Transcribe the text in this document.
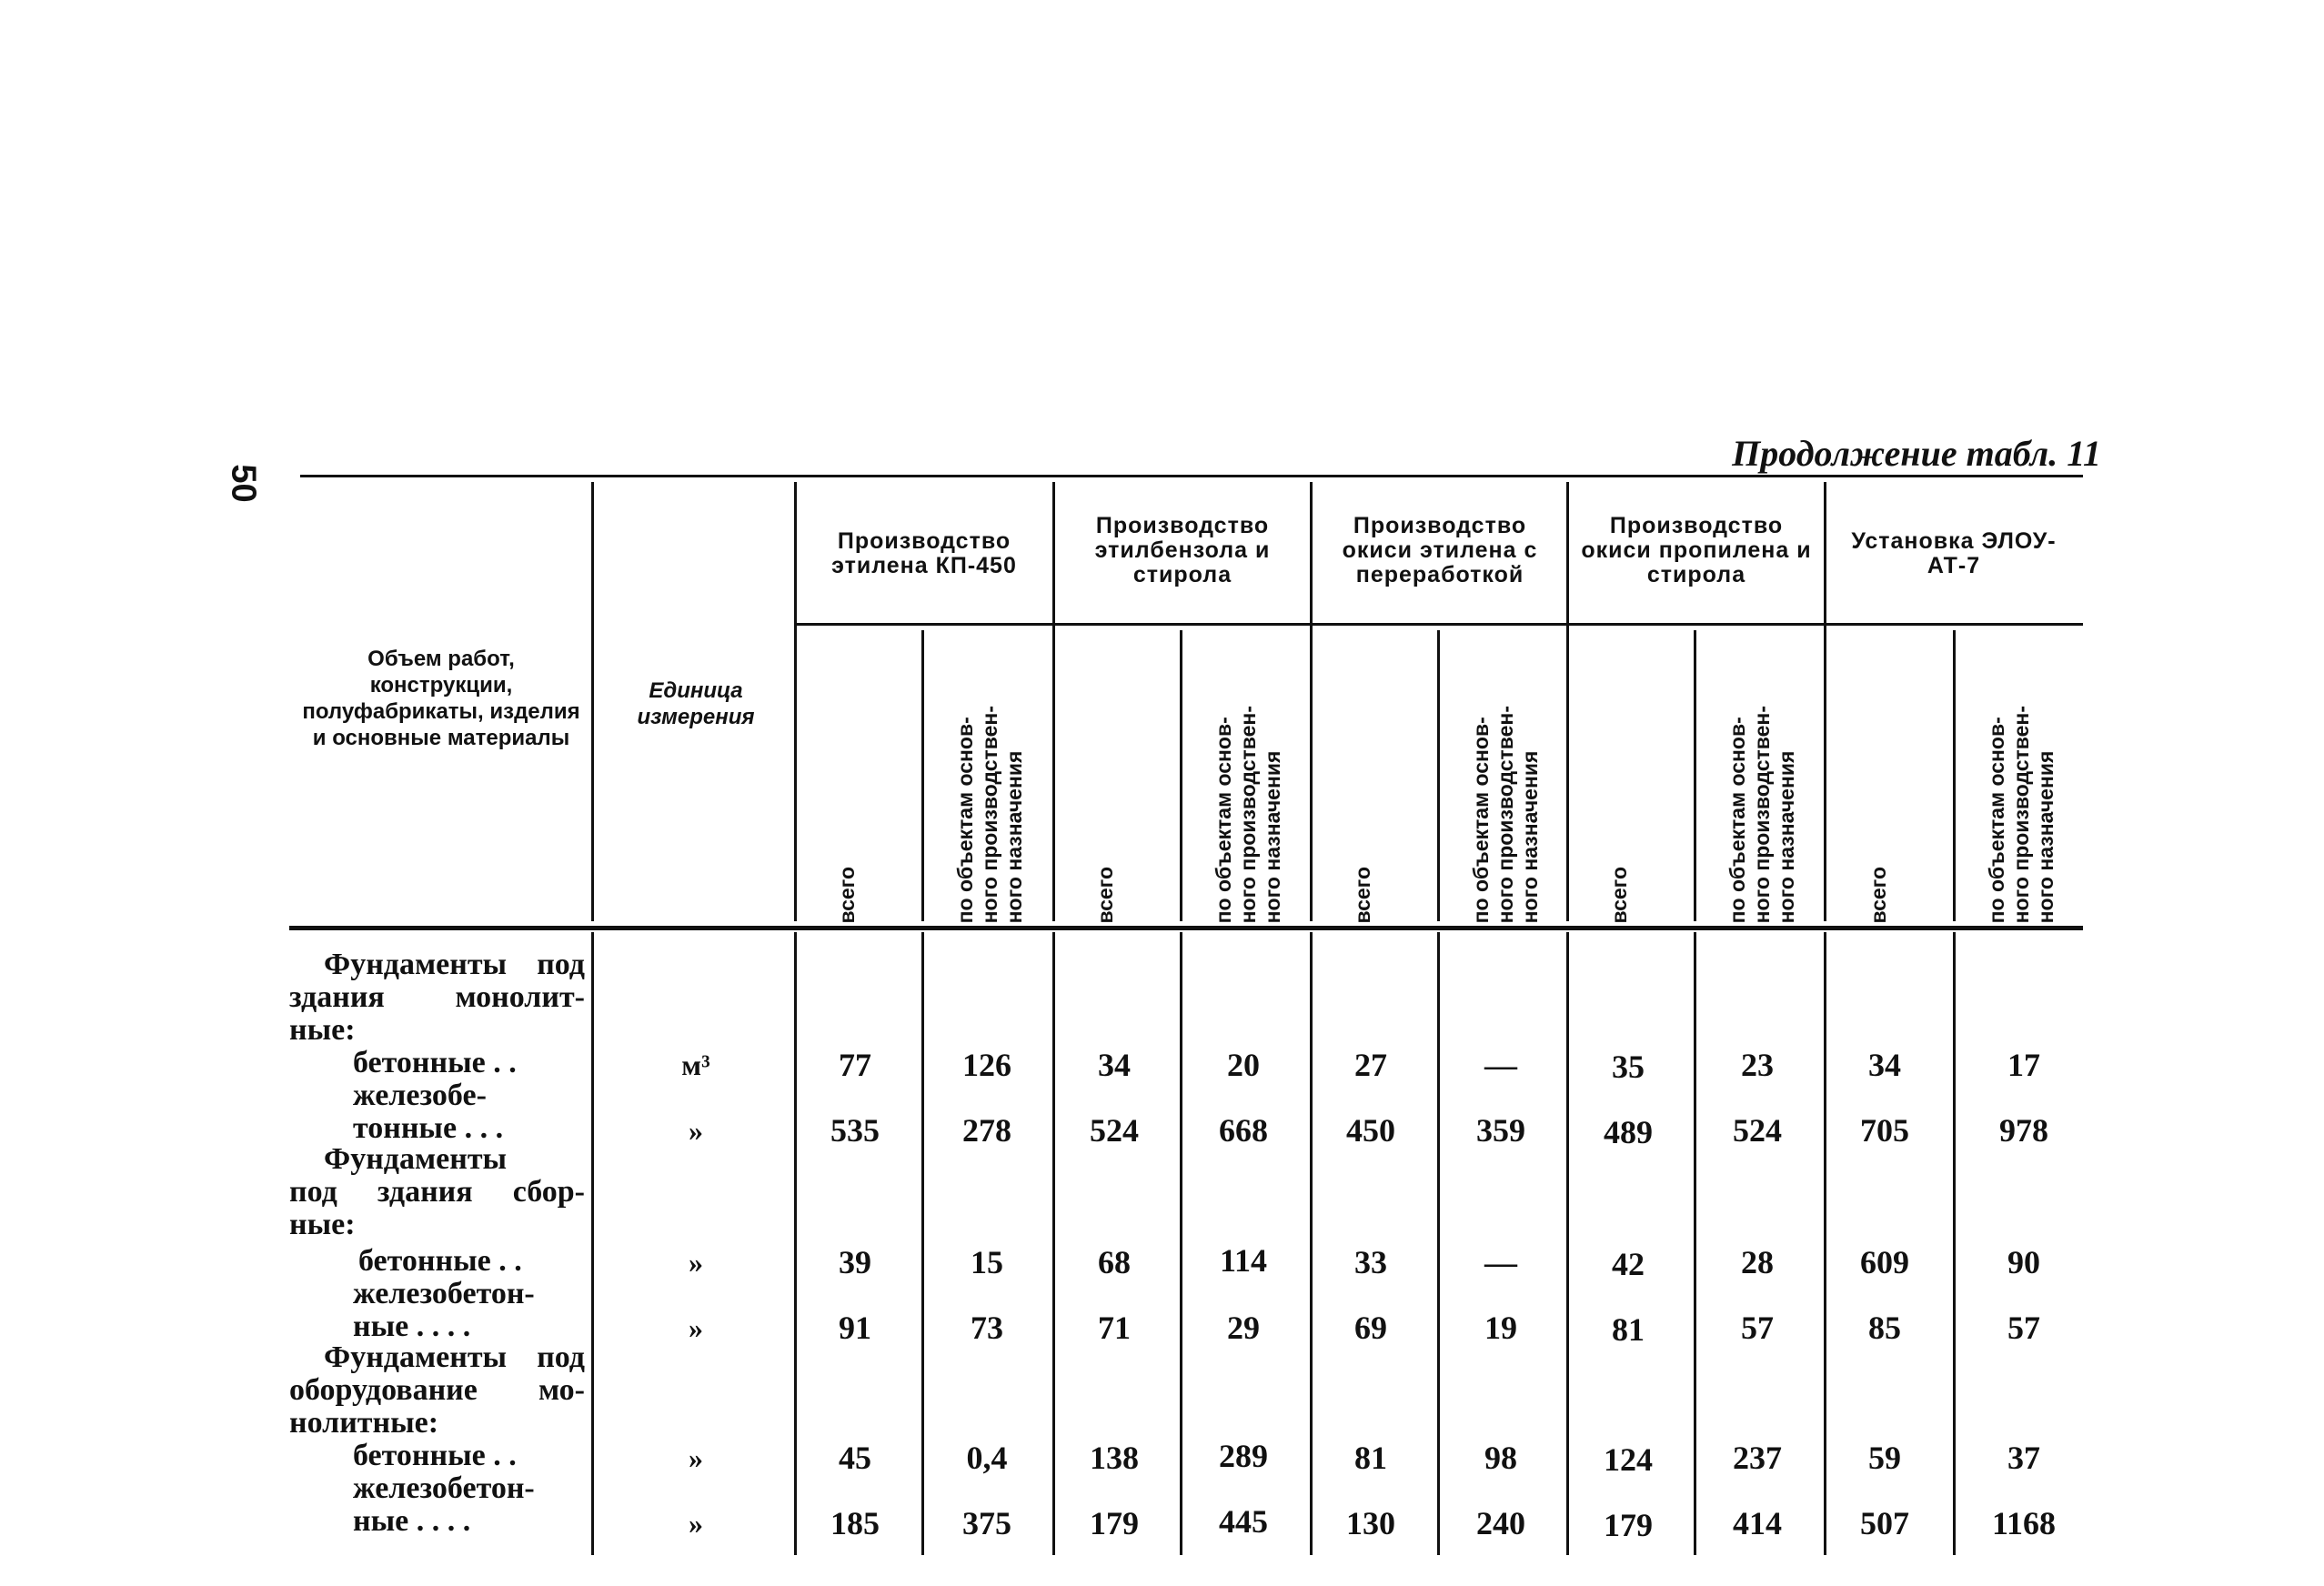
50
Продолжение табл. 11
Объем работ, конструкции, полуфабрикаты, изделия и основные материалы
Единица измерения
Производство этилена КП-450
Производство этилбензола и стирола
Производство окиси этилена с переработкой
Производство окиси пропилена и стирола
Установка ЭЛОУ-АТ-7
всего	по объектам основ-
ного производствен-
ного назначения
всего	по объектам основ-
ного производствен-
ного назначения
всего	по объектам основ-
ного производствен-
ного назначения
всего	по объектам основ-
ного производствен-
ного назначения
всего	по объектам основ-
ного производствен-
ного назначения
Фундаменты под
здания монолит-
ные:
бетонные . .	м³	77	126	34	20	27	—	35	23	34	17
железобе-
тонные . . .	»	535	278	524	668	450	359	489	524	705	978
Фундаменты
под здания сбор-
ные:
бетонные . .	»	39	15	68	114	33	—	42	28	609	90
железобетон-
ные . . . .	»	91	73	71	29	69	19	81	57	85	57
Фундаменты под
оборудование мо-
нолитные:
бетонные . .	»	45	0,4	138	289	81	98	124	237	59	37
железобетон-
ные . . . .	»	185	375	179	445	130	240	179	414	507	1168
